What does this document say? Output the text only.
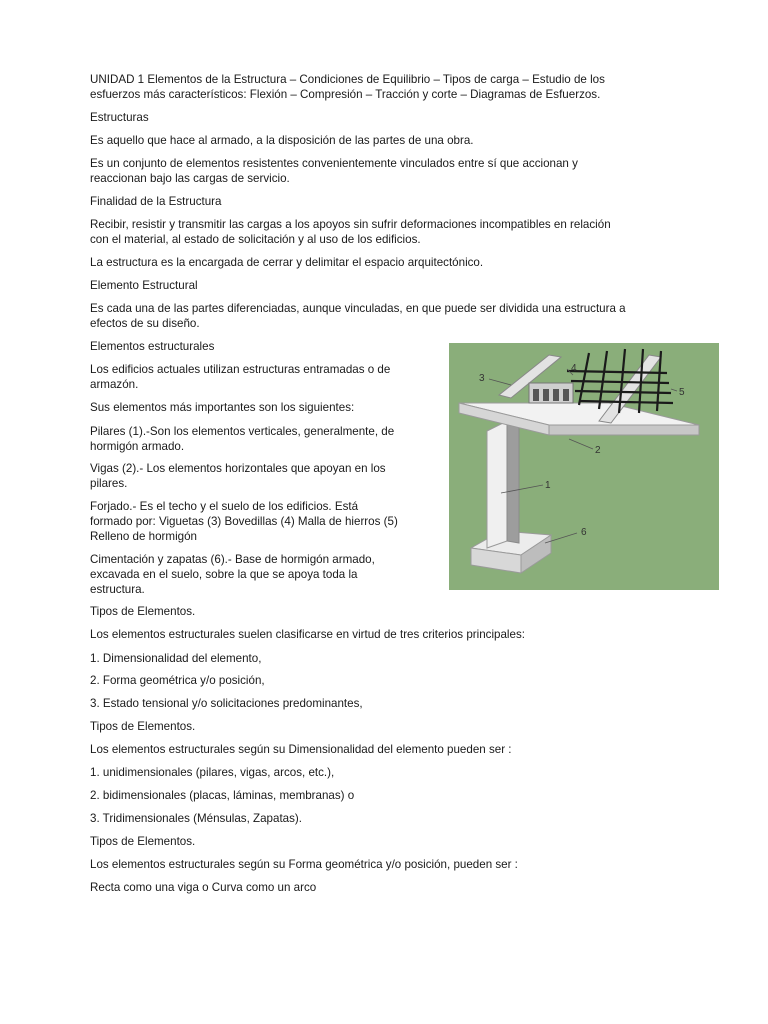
UNIDAD 1 Elementos de la Estructura – Condiciones de Equilibrio – Tipos de carga – Estudio de los

esfuerzos más característicos: Flexión – Compresión – Tracción y corte – Diagramas de Esfuerzos.

Estructuras

Es aquello que hace al armado, a la disposición de las partes de una obra.

Es un conjunto de elementos resistentes convenientemente vinculados entre sí que accionan y

reaccionan bajo las cargas de servicio.

Finalidad de la Estructura

Recibir, resistir y transmitir las cargas a los apoyos sin sufrir deformaciones incompatibles en relación

con el material, al estado de solicitación y al uso de los edificios.

La estructura es la encargada de cerrar y delimitar el espacio arquitectónico.

Elemento Estructural

Es cada una de las partes diferenciadas, aunque vinculadas, en que puede ser dividida una estructura a

efectos de su diseño.

Elementos estructurales

Los edificios actuales utilizan estructuras entramadas o de

armazón.

Sus elementos más importantes son los siguientes:

Pilares (1).-Son los elementos verticales, generalmente, de

hormigón armado.

Vigas (2).- Los elementos horizontales que apoyan en los

pilares.

Forjado.- Es el techo y el suelo de los edificios. Está

formado por: Viguetas (3) Bovedillas (4) Malla de hierros (5)

Relleno de hormigón

Cimentación y zapatas (6).- Base de hormigón armado,

excavada en el suelo, sobre la que se apoya toda la

estructura.

1
2
3
4
5
6

Tipos de Elementos.

Los elementos estructurales suelen clasificarse en virtud de tres criterios principales:

1. Dimensionalidad del elemento,

2. Forma geométrica y/o posición,

3. Estado tensional y/o solicitaciones predominantes,

Tipos de Elementos.

Los elementos estructurales según su Dimensionalidad del elemento pueden ser :

1. unidimensionales (pilares, vigas, arcos, etc.),

2. bidimensionales (placas, láminas, membranas) o

3. Tridimensionales (Ménsulas, Zapatas).

Tipos de Elementos.

Los elementos estructurales según su Forma geométrica y/o posición, pueden ser :

Recta como una viga o Curva como un arco
